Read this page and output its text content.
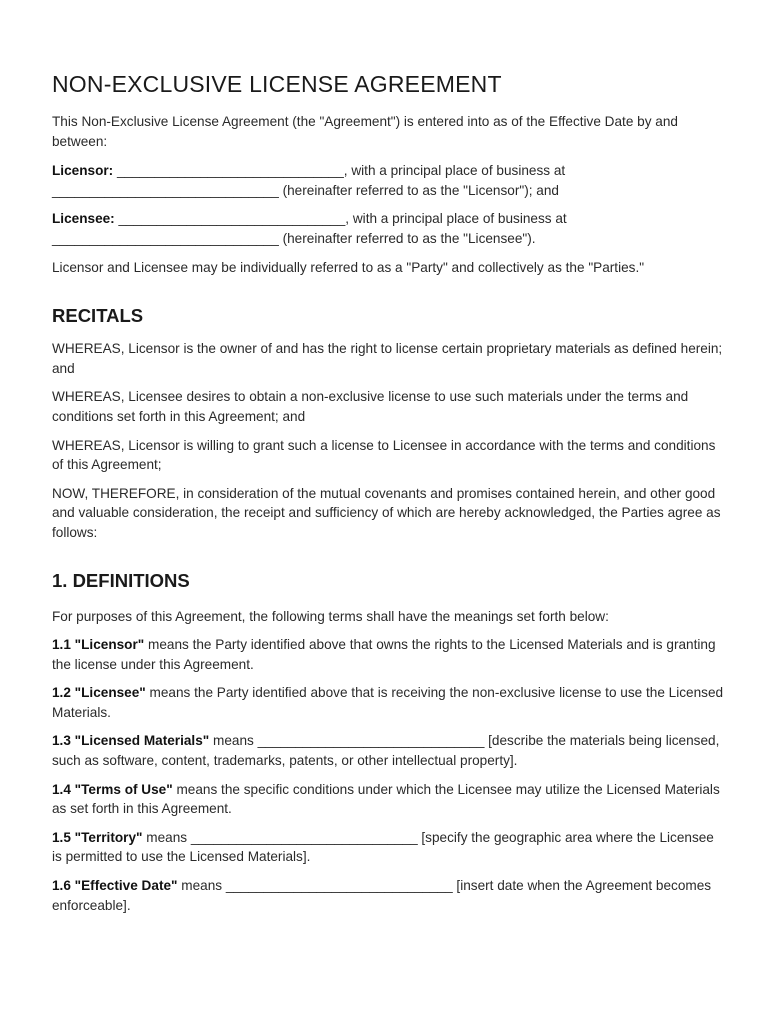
NON-EXCLUSIVE LICENSE AGREEMENT

This Non-Exclusive License Agreement (the "Agreement") is entered into as of the Effective Date by and between:

Licensor: ______________________________, with a principal place of business at ______________________________ (hereinafter referred to as the "Licensor"); and

Licensee: ______________________________, with a principal place of business at ______________________________ (hereinafter referred to as the "Licensee").

Licensor and Licensee may be individually referred to as a "Party" and collectively as the "Parties."

RECITALS

WHEREAS, Licensor is the owner of and has the right to license certain proprietary materials as defined herein; and

WHEREAS, Licensee desires to obtain a non-exclusive license to use such materials under the terms and conditions set forth in this Agreement; and

WHEREAS, Licensor is willing to grant such a license to Licensee in accordance with the terms and conditions of this Agreement;

NOW, THEREFORE, in consideration of the mutual covenants and promises contained herein, and other good and valuable consideration, the receipt and sufficiency of which are hereby acknowledged, the Parties agree as follows:

1. DEFINITIONS

For purposes of this Agreement, the following terms shall have the meanings set forth below:

1.1 "Licensor" means the Party identified above that owns the rights to the Licensed Materials and is granting the license under this Agreement.

1.2 "Licensee" means the Party identified above that is receiving the non-exclusive license to use the Licensed Materials.

1.3 "Licensed Materials" means ______________________________ [describe the materials being licensed, such as software, content, trademarks, patents, or other intellectual property].

1.4 "Terms of Use" means the specific conditions under which the Licensee may utilize the Licensed Materials as set forth in this Agreement.

1.5 "Territory" means ______________________________ [specify the geographic area where the Licensee is permitted to use the Licensed Materials].

1.6 "Effective Date" means ______________________________ [insert date when the Agreement becomes enforceable].
